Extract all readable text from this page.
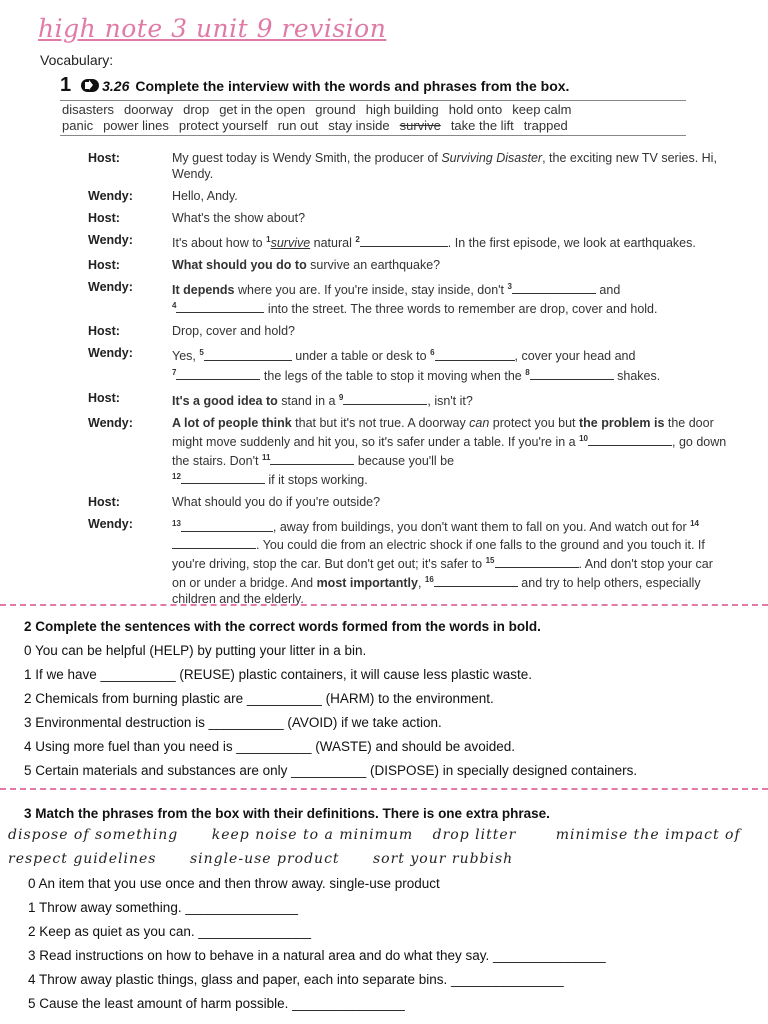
high note 3 unit 9 revision
Vocabulary:
1 3.26 Complete the interview with the words and phrases from the box.
disasters doorway drop get in the open ground high building hold onto keep calm
panic power lines protect yourself run out stay inside survive take the lift trapped
Host:	My guest today is Wendy Smith, the producer of Surviving Disaster, the exciting new TV series. Hi, Wendy.
Wendy:	Hello, Andy.
Host:	What's the show about?
Wendy:	It's about how to $^1$survive natural $^2$	. In the first episode, we look at earthquakes.
Host:	What should you do to survive an earthquake?
Wendy:	It depends where you are. If you're inside, stay inside, don't $^3$	and
$^4$	into the street. The three words to remember are drop, cover and hold.
Host:	Drop, cover and hold?
Wendy:	Yes, $^5$	under a table or desk to $^6$	, cover your head and
$^7$	the legs of the table to stop it moving when the $^8$	shakes.
Host:	It's a good idea to stand in a $^9$	, isn't it?
Wendy:	A lot of people think that but it's not true. A doorway can protect you but the problem is the door might move suddenly and hit you, so it's safer under a table. If you're in a $^{10}$	, go down the stairs. Don't $^{11}$	because you'll be
$^{12}$	if it stops working.
Host:	What should you do if you're outside?
Wendy:	$^{13}$	, away from buildings, you don't want them to fall on you. And watch out for $^{14}$. You could die from an electric shock if one falls to the ground and you touch it. If you're driving, stop the car. But don't get out; it's safer to $^{15}$	. And don't stop your car on or under a bridge. And most importantly, $^{16}$	and try to help others, especially children and the elderly.
2 Complete the sentences with the correct words formed from the words in bold.
0 You can be helpful (HELP) by putting your litter in a bin.
1 If we have __________ (REUSE) plastic containers, it will cause less plastic waste.
2 Chemicals from burning plastic are __________ (HARM) to the environment.
3 Environmental destruction is __________ (AVOID) if we take action.
4 Using more fuel than you need is __________ (WASTE) and should be avoided.
5 Certain materials and substances are only __________ (DISPOSE) in specially designed containers.
3 Match the phrases from the box with their definitions. There is one extra phrase.
dispose of something keep noise to a minimum drop litter	minimise the impact of
respect guidelines single-use product sort your rubbish
0 An item that you use once and then throw away. single-use product
1 Throw away something. _______________
2 Keep as quiet as you can. _______________
3 Read instructions on how to behave in a natural area and do what they say. _______________
4 Throw away plastic things, glass and paper, each into separate bins. _______________
5 Cause the least amount of harm possible. _______________
